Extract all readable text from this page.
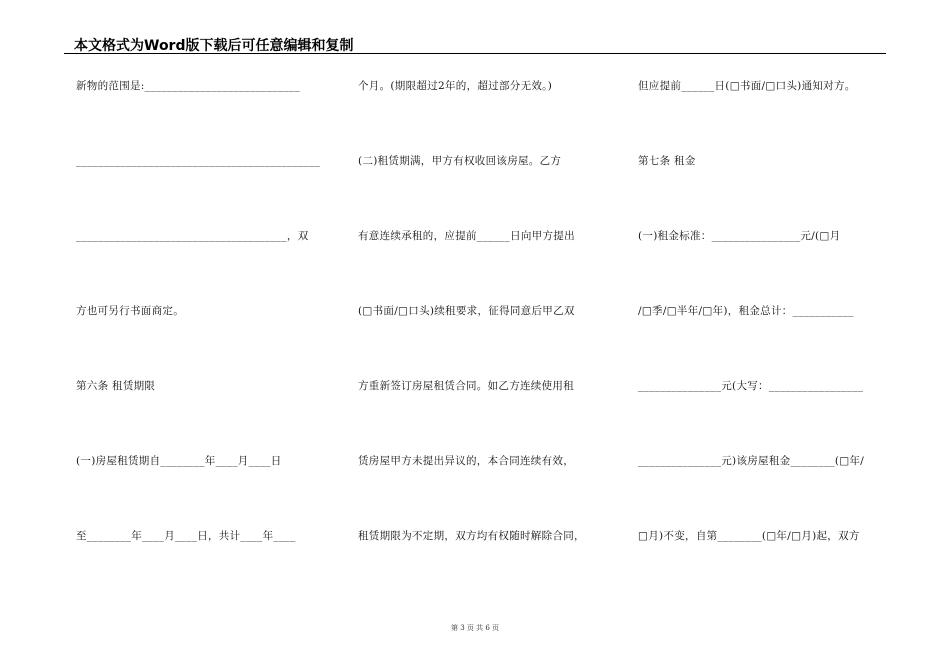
本文格式为Word版下载后可任意编辑和复制
新物的范围是:____________________________
____________________________________________
______________________________________，双
方也可另行书面商定。
第六条 租赁期限
(一)房屋租赁期自________年____月____日
至________年____月____日，共计____年____
个月。(期限超过2年的，超过部分无效。)
(二)租赁期满，甲方有权收回该房屋。乙方
有意连续承租的，应提前______日向甲方提出
(□书面/□口头)续租要求，征得同意后甲乙双
方重新签订房屋租赁合同。如乙方连续使用租
赁房屋甲方未提出异议的，本合同连续有效，
租赁期限为不定期，双方均有权随时解除合同，
但应提前______日(□书面/□口头)通知对方。
第七条 租金
(一)租金标准：________________元/(□月
/□季/□半年/□年)，租金总计：___________
_______________元(大写：_________________
_______________元)该房屋租金________(□年/
□月)不变，自第________(□年/□月)起，双方
第 3 页 共 6 页
